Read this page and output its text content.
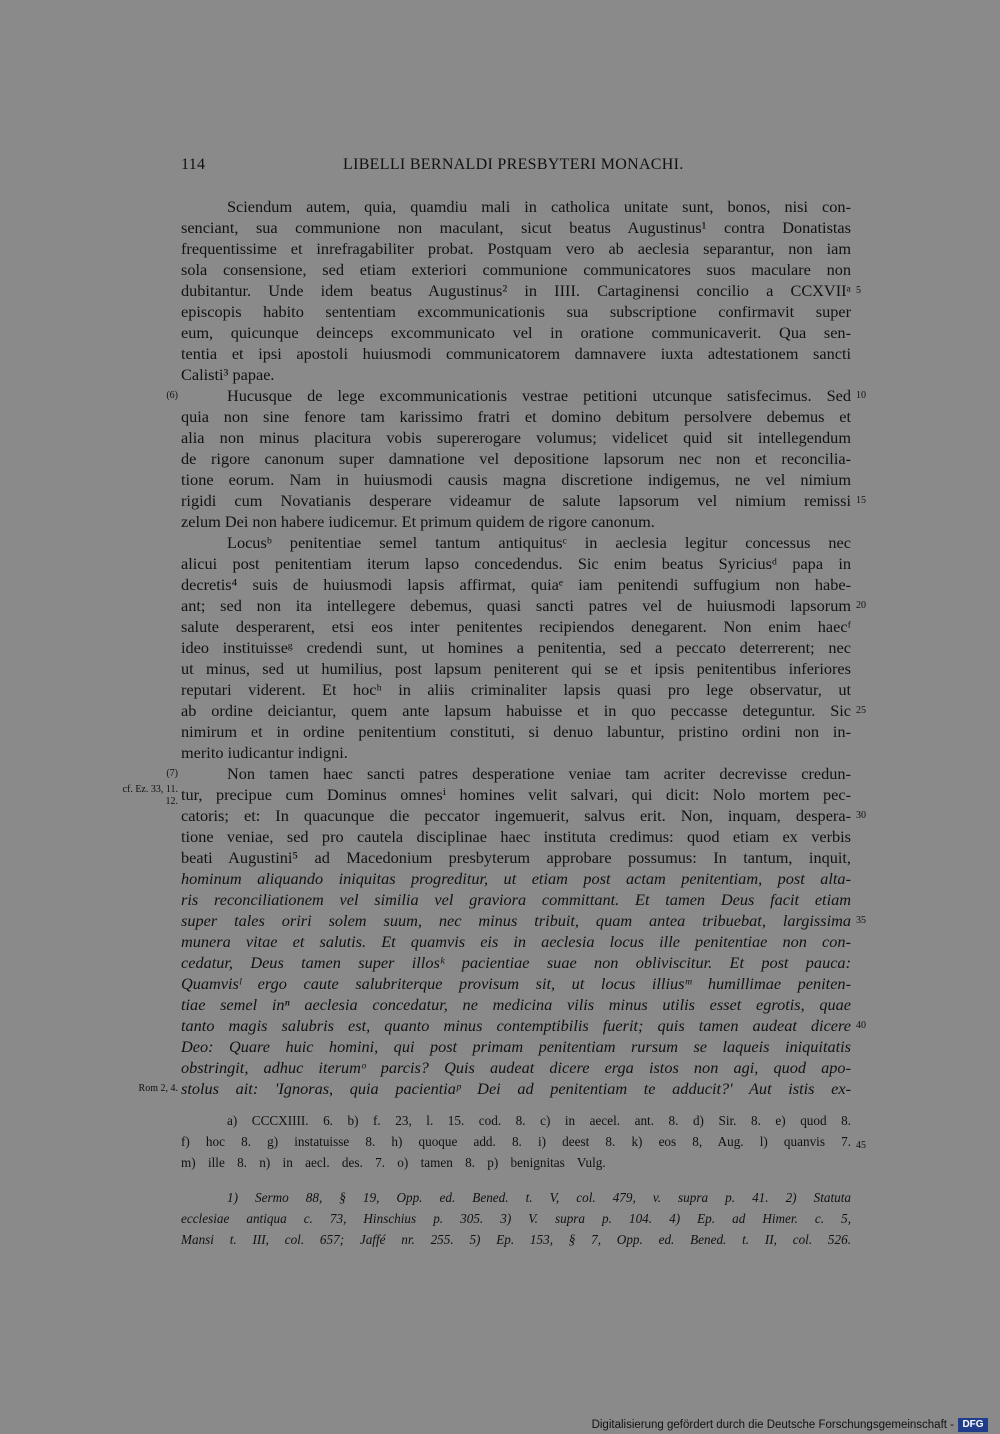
114	LIBELLI BERNALDI PRESBYTERI MONACHI.
Sciendum autem, quia, quamdiu mali in catholica unitate sunt, bonos, nisi con-
senciant, sua communione non maculant, sicut beatus Augustinus¹ contra Donatistas
frequentissime et inrefragabiliter probat. Postquam vero ab aeclesia separantur, non iam
sola consensione, sed etiam exteriori communione communicatores suos maculare non
dubitantur. Unde idem beatus Augustinus² in IIII. Cartaginensi concilio a CCXVIIᵃ
episcopis habito sententiam excommunicationis sua subscriptione confirmavit super
eum, quicunque deinceps excommunicato vel in oratione communicaverit. Qua sen-
tentia et ipsi apostoli huiusmodi communicatorem damnavere iuxta adtestationem sancti
Calisti³ papae.
Hucusque de lege excommunicationis vestrae petitioni utcunque satisfecimus. Sed
quia non sine fenore tam karissimo fratri et domino debitum persolvere debemus et
alia non minus placitura vobis supererogare volumus; videlicet quid sit intellegendum
de rigore canonum super damnatione vel depositione lapsorum nec non et reconcilia-
tione eorum. Nam in huiusmodi causis magna discretione indigemus, ne vel nimium
rigidi cum Novatianis desperare videamur de salute lapsorum vel nimium remissi
zelum Dei non habere iudicemur. Et primum quidem de rigore canonum.
Locusᵇ penitentiae semel tantum antiquitusᶜ in aeclesia legitur concessus nec
alicui post penitentiam iterum lapso concedendus. Sic enim beatus Syriciusᵈ papa in
decretis⁴ suis de huiusmodi lapsis affirmat, quiaᵉ iam penitendi suffugium non habe-
ant; sed non ita intellegere debemus, quasi sancti patres vel de huiusmodi lapsorum
salute desperarent, etsi eos inter penitentes recipiendos denegarent. Non enim haecᶠ
ideo instituisseᵍ credendi sunt, ut homines a penitentia, sed a peccato deterrerent; nec
ut minus, sed ut humilius, post lapsum peniterent qui se et ipsis penitentibus inferiores
reputari viderent. Et hocʰ in aliis criminaliter lapsis quasi pro lege observatur, ut
ab ordine deiciantur, quem ante lapsum habuisse et in quo peccasse deteguntur. Sic
nimirum et in ordine penitentium constituti, si denuo labuntur, pristino ordini non in-
merito iudicantur indigni.
Non tamen haec sancti patres desperatione veniae tam acriter decrevisse credun-
tur, precipue cum Dominus omnesⁱ homines velit salvari, qui dicit: Nolo mortem pec-
catoris; et: In quacunque die peccator ingemuerit, salvus erit. Non, inquam, despera-
tione veniae, sed pro cautela disciplinae haec instituta credimus: quod etiam ex verbis
beati Augustini⁵ ad Macedonium presbyterum approbare possumus: In tantum, inquit,
hominum aliquando iniquitas progreditur, ut etiam post actam penitentiam, post alta-
ris reconciliationem vel similia vel graviora committant. Et tamen Deus facit etiam
super tales oriri solem suum, nec minus tribuit, quam antea tribuebat, largissima
munera vitae et salutis. Et quamvis eis in aeclesia locus ille penitentiae non con-
cedatur, Deus tamen super illosᵏ pacientiae suae non obliviscitur. Et post pauca:
Quamvisˡ ergo caute salubriterque provisum sit, ut locus illiusᵐ humillimae peniten-
tiae semel inⁿ aeclesia concedatur, ne medicina vilis minus utilis esset egrotis, quae
tanto magis salubris est, quanto minus contemptibilis fuerit; quis tamen audeat dicere
Deo: Quare huic homini, qui post primam penitentiam rursum se laqueis iniquitatis
obstringit, adhuc iterumᵒ parcis? Quis audeat dicere erga istos non agi, quod apo-
stolus ait: 'Ignoras, quia pacientiaᵖ Dei ad penitentiam te adducit?' Aut istis ex-
5
10
15
20
25
30
35
40
45
(6)
(7)
cf. Ez. 33, 11. 12.
Rom 2, 4.
a) CCCXIIII. 6. b) f. 23, l. 15. cod. 8. c) in aecel. ant. 8. d) Sir. 8. e) quod 8.
f) hoc 8. g) instatuisse 8. h) quoque add. 8. i) deest 8. k) eos 8, Aug. l) quanvis 7.
m) ille 8. n) in aecl. des. 7. o) tamen 8. p) benignitas Vulg.
1) Sermo 88, § 19, Opp. ed. Bened. t. V, col. 479, v. supra p. 41. 2) Statuta
ecclesiae antiqua c. 73, Hinschius p. 305. 3) V. supra p. 104. 4) Ep. ad Himer. c. 5,
Mansi t. III, col. 657; Jaffé nr. 255. 5) Ep. 153, § 7, Opp. ed. Bened. t. II, col. 526.
Digitalisierung gefördert durch die Deutsche Forschungsgemeinschaft - DFG
